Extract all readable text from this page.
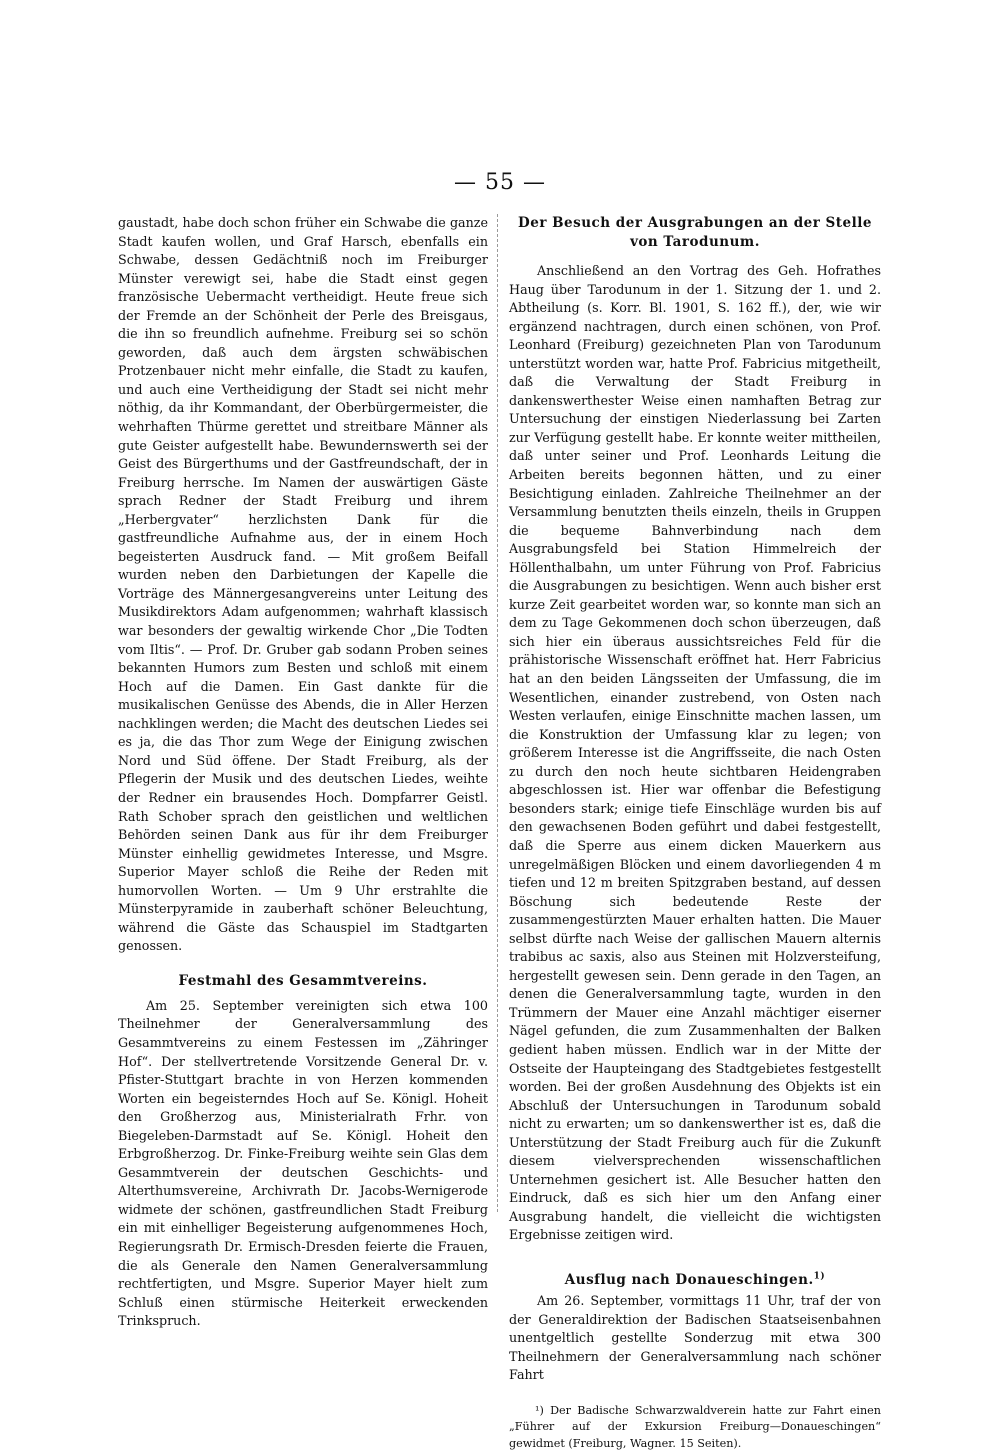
— 55 —

gaustadt, habe doch schon früher ein Schwabe die ganze Stadt kaufen wollen, und Graf Harsch, ebenfalls ein Schwabe, dessen Gedächtniß noch im Freiburger Münster verewigt sei, habe die Stadt einst gegen französische Uebermacht vertheidigt. Heute freue sich der Fremde an der Schönheit der Perle des Breisgaus, die ihn so freundlich aufnehme. Freiburg sei so schön geworden, daß auch dem ärgsten schwäbischen Protzenbauer nicht mehr einfalle, die Stadt zu kaufen, und auch eine Vertheidigung der Stadt sei nicht mehr nöthig, da ihr Kommandant, der Oberbürgermeister, die wehrhaften Thürme gerettet und streitbare Männer als gute Geister aufgestellt habe. Bewundernswerth sei der Geist des Bürgerthums und der Gastfreundschaft, der in Freiburg herrsche. Im Namen der auswärtigen Gäste sprach Redner der Stadt Freiburg und ihrem „Herbergvater“ herzlichsten Dank für die gastfreundliche Aufnahme aus, der in einem Hoch begeisterten Ausdruck fand. — Mit großem Beifall wurden neben den Darbietungen der Kapelle die Vorträge des Männergesangvereins unter Leitung des Musikdirektors Adam aufgenommen; wahrhaft klassisch war besonders der gewaltig wirkende Chor „Die Todten vom Iltis“. — Prof. Dr. Gruber gab sodann Proben seines bekannten Humors zum Besten und schloß mit einem Hoch auf die Damen. Ein Gast dankte für die musikalischen Genüsse des Abends, die in Aller Herzen nachklingen werden; die Macht des deutschen Liedes sei es ja, die das Thor zum Wege der Einigung zwischen Nord und Süd öffene. Der Stadt Freiburg, als der Pflegerin der Musik und des deutschen Liedes, weihte der Redner ein brausendes Hoch. Dompfarrer Geistl. Rath Schober sprach den geistlichen und weltlichen Behörden seinen Dank aus für ihr dem Freiburger Münster einhellig gewidmetes Interesse, und Msgre. Superior Mayer schloß die Reihe der Reden mit humorvollen Worten. — Um 9 Uhr erstrahlte die Münsterpyramide in zauberhaft schöner Beleuchtung, während die Gäste das Schauspiel im Stadtgarten genossen.

Festmahl des Gesammtvereins.

Am 25. September vereinigten sich etwa 100 Theilnehmer der Generalversammlung des Gesammtvereins zu einem Festessen im „Zähringer Hof“. Der stellvertretende Vorsitzende General Dr. v. Pfister-Stuttgart brachte in von Herzen kommenden Worten ein begeisterndes Hoch auf Se. Königl. Hoheit den Großherzog aus, Ministerialrath Frhr. von Biegeleben-Darmstadt auf Se. Königl. Hoheit den Erbgroßherzog. Dr. Finke-Freiburg weihte sein Glas dem Gesammtverein der deutschen Geschichts- und Alterthumsvereine, Archivrath Dr. Jacobs-Wernigerode widmete der schönen, gastfreundlichen Stadt Freiburg ein mit einhelliger Begeisterung aufgenommenes Hoch, Regierungsrath Dr. Ermisch-Dresden feierte die Frauen, die als Generale den Namen Generalversammlung rechtfertigten, und Msgre. Superior Mayer hielt zum Schluß einen stürmische Heiterkeit erweckenden Trinkspruch.

Der Besuch der Ausgrabungen an der Stelle von Tarodunum.

Anschließend an den Vortrag des Geh. Hofrathes Haug über Tarodunum in der 1. Sitzung der 1. und 2. Abtheilung (s. Korr. Bl. 1901, S. 162 ff.), der, wie wir ergänzend nachtragen, durch einen schönen, von Prof. Leonhard (Freiburg) gezeichneten Plan von Tarodunum unterstützt worden war, hatte Prof. Fabricius mitgetheilt, daß die Verwaltung der Stadt Freiburg in dankenswerthester Weise einen namhaften Betrag zur Untersuchung der einstigen Niederlassung bei Zarten zur Verfügung gestellt habe. Er konnte weiter mittheilen, daß unter seiner und Prof. Leonhards Leitung die Arbeiten bereits begonnen hätten, und zu einer Besichtigung einladen. Zahlreiche Theilnehmer an der Versammlung benutzten theils einzeln, theils in Gruppen die bequeme Bahnverbindung nach dem Ausgrabungsfeld bei Station Himmelreich der Höllenthalbahn, um unter Führung von Prof. Fabricius die Ausgrabungen zu besichtigen. Wenn auch bisher erst kurze Zeit gearbeitet worden war, so konnte man sich an dem zu Tage Gekommenen doch schon überzeugen, daß sich hier ein überaus aussichtsreiches Feld für die prähistorische Wissenschaft eröffnet hat. Herr Fabricius hat an den beiden Längsseiten der Umfassung, die im Wesentlichen, einander zustrebend, von Osten nach Westen verlaufen, einige Einschnitte machen lassen, um die Konstruktion der Umfassung klar zu legen; von größerem Interesse ist die Angriffsseite, die nach Osten zu durch den noch heute sichtbaren Heidengraben abgeschlossen ist. Hier war offenbar die Befestigung besonders stark; einige tiefe Einschläge wurden bis auf den gewachsenen Boden geführt und dabei festgestellt, daß die Sperre aus einem dicken Mauerkern aus unregelmäßigen Blöcken und einem davorliegenden 4 m tiefen und 12 m breiten Spitzgraben bestand, auf dessen Böschung sich bedeutende Reste der zusammengestürzten Mauer erhalten hatten. Die Mauer selbst dürfte nach Weise der gallischen Mauern alternis trabibus ac saxis, also aus Steinen mit Holzversteifung, hergestellt gewesen sein. Denn gerade in den Tagen, an denen die Generalversammlung tagte, wurden in den Trümmern der Mauer eine Anzahl mächtiger eiserner Nägel gefunden, die zum Zusammenhalten der Balken gedient haben müssen. Endlich war in der Mitte der Ostseite der Haupteingang des Stadtgebietes festgestellt worden. Bei der großen Ausdehnung des Objekts ist ein Abschluß der Untersuchungen in Tarodunum sobald nicht zu erwarten; um so dankenswerther ist es, daß die Unterstützung der Stadt Freiburg auch für die Zukunft diesem vielversprechenden wissenschaftlichen Unternehmen gesichert ist. Alle Besucher hatten den Eindruck, daß es sich hier um den Anfang einer Ausgrabung handelt, die vielleicht die wichtigsten Ergebnisse zeitigen wird.

Ausflug nach Donaueschingen.$^{1)}$

Am 26. September, vormittags 11 Uhr, traf der von der Generaldirektion der Badischen Staatseisenbahnen unentgeltlich gestellte Sonderzug mit etwa 300 Theilnehmern der Generalversammlung nach schöner Fahrt

¹) Der Badische Schwarzwaldverein hatte zur Fahrt einen „Führer auf der Exkursion Freiburg—Donaueschingen“ gewidmet (Freiburg, Wagner. 15 Seiten).
